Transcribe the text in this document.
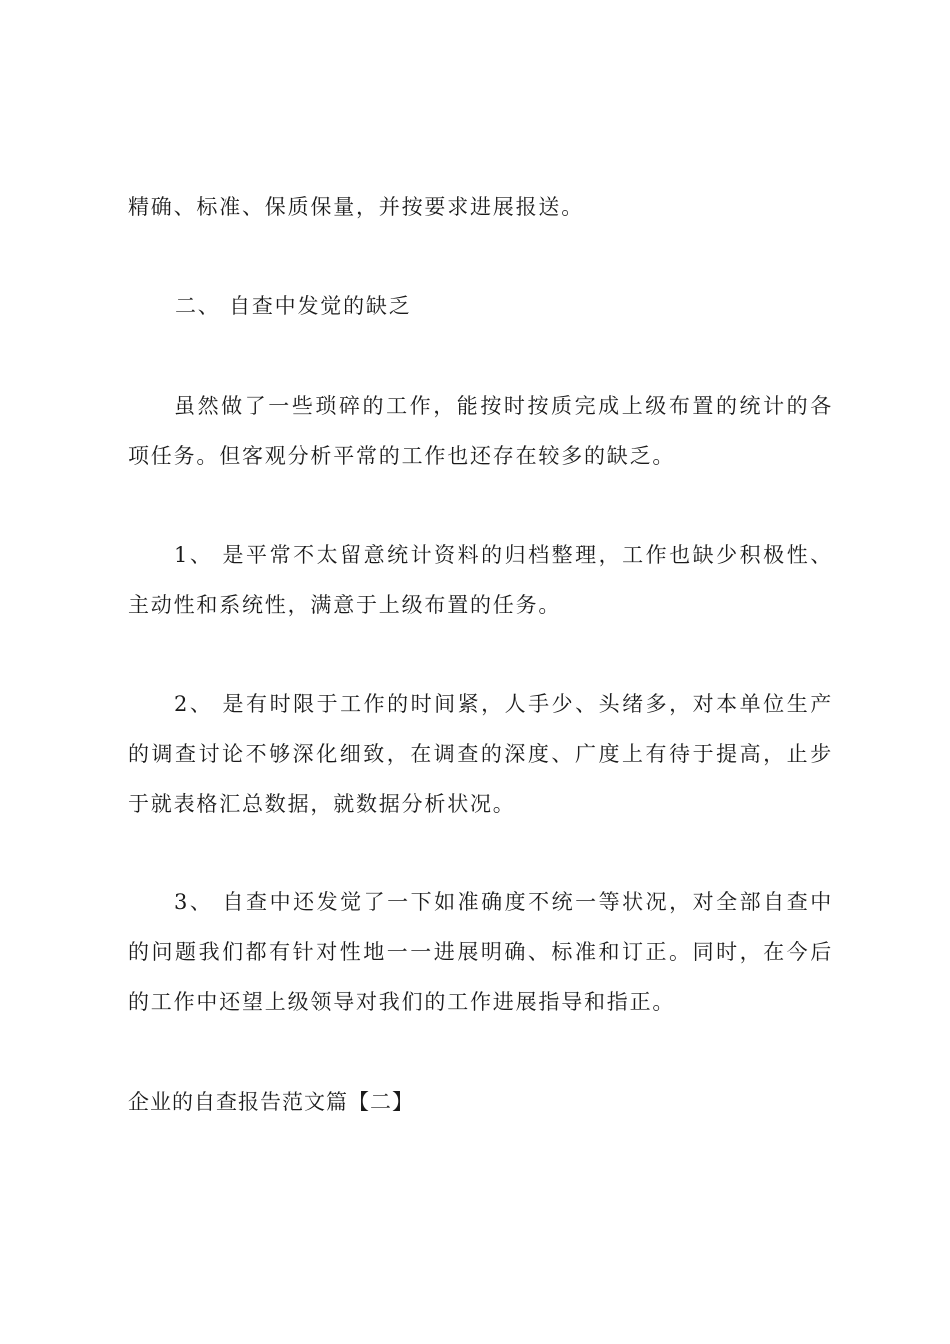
精确、标准、保质保量，并按要求进展报送。

二、 自查中发觉的缺乏

虽然做了一些琐碎的工作，能按时按质完成上级布置的统计的各项任务。但客观分析平常的工作也还存在较多的缺乏。

1、 是平常不太留意统计资料的归档整理，工作也缺少积极性、主动性和系统性，满意于上级布置的任务。

2、 是有时限于工作的时间紧，人手少、头绪多，对本单位生产的调查讨论不够深化细致，在调查的深度、广度上有待于提高，止步于就表格汇总数据，就数据分析状况。

3、 自查中还发觉了一下如准确度不统一等状况，对全部自查中的问题我们都有针对性地一一进展明确、标准和订正。同时，在今后的工作中还望上级领导对我们的工作进展指导和指正。

企业的自查报告范文篇【二】
